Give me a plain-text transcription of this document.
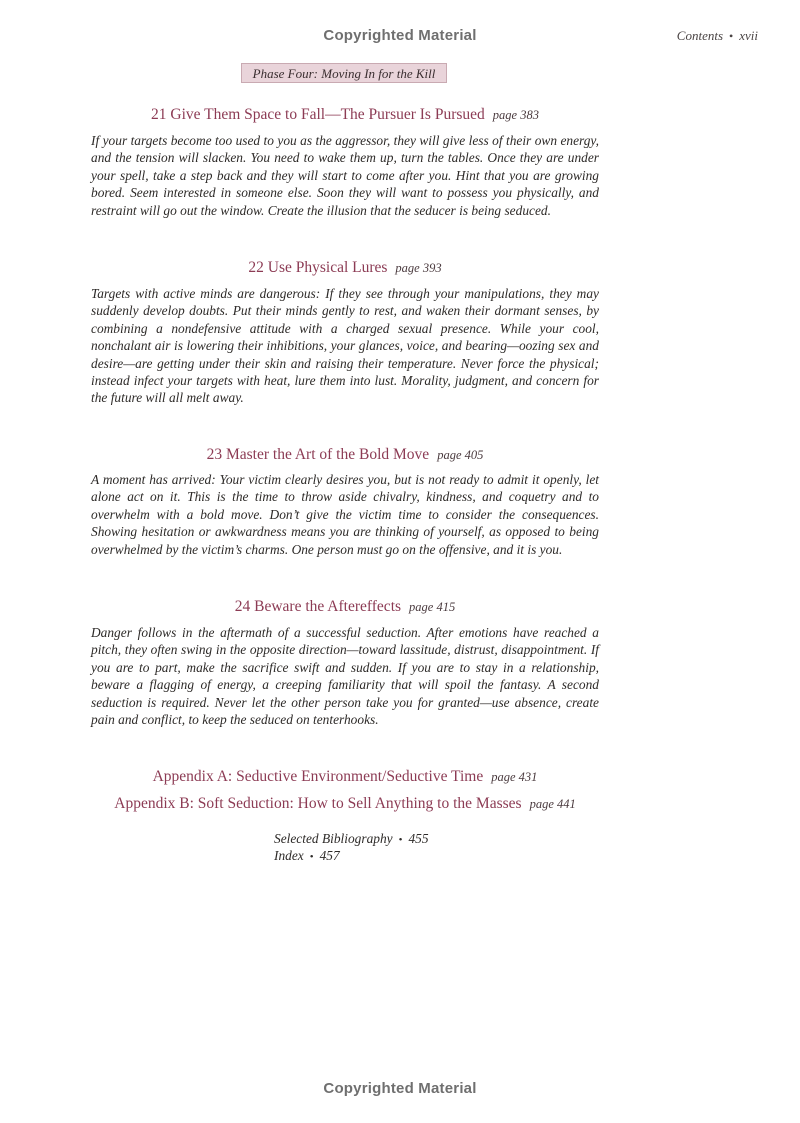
Copyrighted Material	Contents • xvii
Phase Four: Moving In for the Kill
21 Give Them Space to Fall—The Pursuer Is Pursued page 383

If your targets become too used to you as the aggressor, they will give less of their own energy, and the tension will slacken. You need to wake them up, turn the tables. Once they are under your spell, take a step back and they will start to come after you. Hint that you are growing bored. Seem interested in someone else. Soon they will want to possess you physically, and restraint will go out the window. Create the illusion that the seducer is being seduced.

22 Use Physical Lures page 393

Targets with active minds are dangerous: If they see through your manipulations, they may suddenly develop doubts. Put their minds gently to rest, and waken their dormant senses, by combining a nondefensive attitude with a charged sexual presence. While your cool, nonchalant air is lowering their inhibitions, your glances, voice, and bearing—oozing sex and desire—are getting under their skin and raising their temperature. Never force the physical; instead infect your targets with heat, lure them into lust. Morality, judgment, and concern for the future will all melt away.

23 Master the Art of the Bold Move page 405

A moment has arrived: Your victim clearly desires you, but is not ready to admit it openly, let alone act on it. This is the time to throw aside chivalry, kindness, and coquetry and to overwhelm with a bold move. Don’t give the victim time to consider the consequences. Showing hesitation or awkwardness means you are thinking of yourself, as opposed to being overwhelmed by the victim’s charms. One person must go on the offensive, and it is you.

24 Beware the Aftereffects page 415

Danger follows in the aftermath of a successful seduction. After emotions have reached a pitch, they often swing in the opposite direction—toward lassitude, distrust, disappointment. If you are to part, make the sacrifice swift and sudden. If you are to stay in a relationship, beware a flagging of energy, a creeping familiarity that will spoil the fantasy. A second seduction is required. Never let the other person take you for granted—use absence, create pain and conflict, to keep the seduced on tenterhooks.

Appendix A: Seductive Environment/Seductive Time page 431
Appendix B: Soft Seduction: How to Sell Anything to the Masses page 441
Selected Bibliography • 455
Index • 457
Copyrighted Material
